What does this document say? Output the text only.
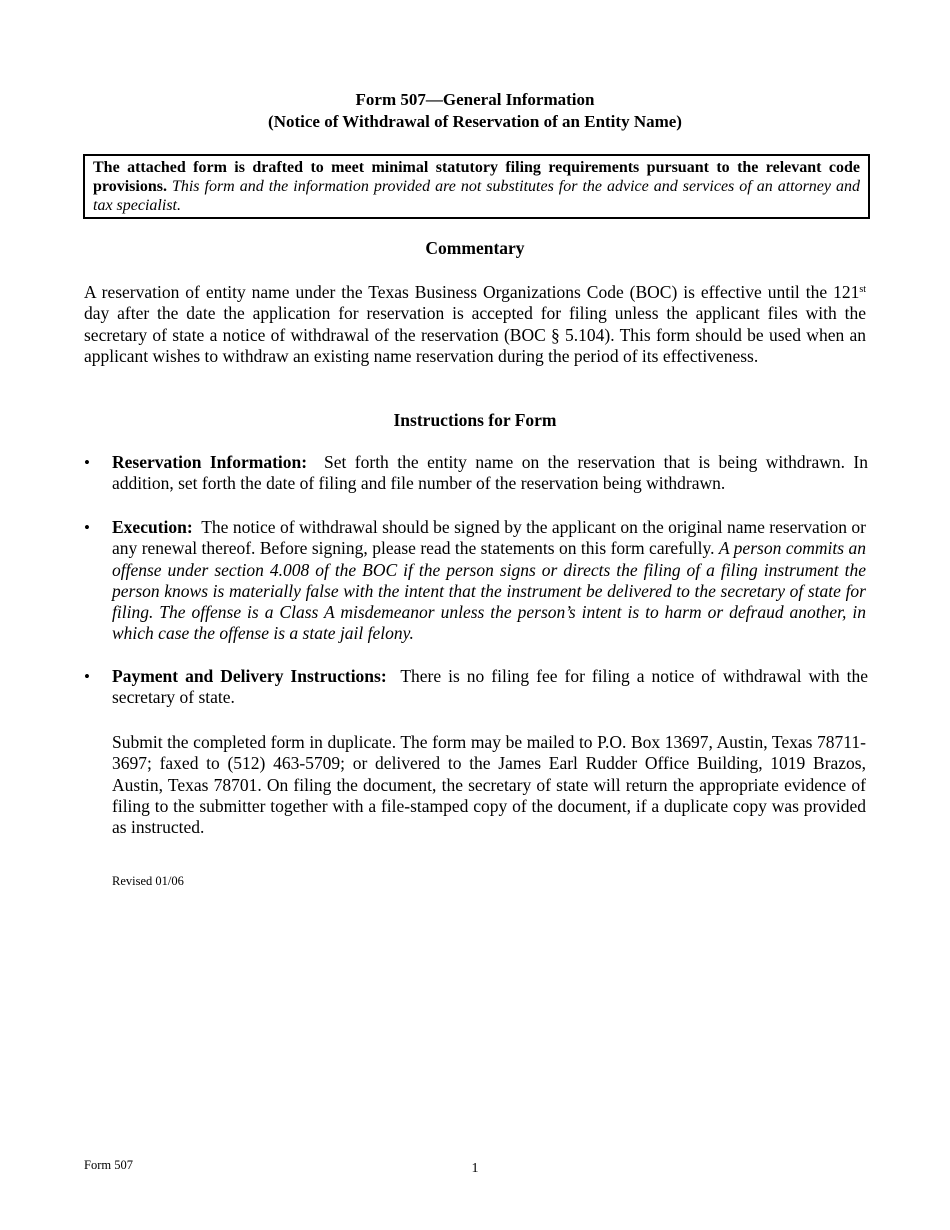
Form 507—General Information
(Notice of Withdrawal of Reservation of an Entity Name)
The attached form is drafted to meet minimal statutory filing requirements pursuant to the relevant code provisions. This form and the information provided are not substitutes for the advice and services of an attorney and tax specialist.
Commentary
A reservation of entity name under the Texas Business Organizations Code (BOC) is effective until the 121st day after the date the application for reservation is accepted for filing unless the applicant files with the secretary of state a notice of withdrawal of the reservation (BOC § 5.104). This form should be used when an applicant wishes to withdraw an existing name reservation during the period of its effectiveness.
Instructions for Form
• Reservation Information: Set forth the entity name on the reservation that is being withdrawn. In addition, set forth the date of filing and file number of the reservation being withdrawn.
• Execution: The notice of withdrawal should be signed by the applicant on the original name reservation or any renewal thereof. Before signing, please read the statements on this form carefully. A person commits an offense under section 4.008 of the BOC if the person signs or directs the filing of a filing instrument the person knows is materially false with the intent that the instrument be delivered to the secretary of state for filing. The offense is a Class A misdemeanor unless the person’s intent is to harm or defraud another, in which case the offense is a state jail felony.
• Payment and Delivery Instructions: There is no filing fee for filing a notice of withdrawal with the secretary of state.
Submit the completed form in duplicate. The form may be mailed to P.O. Box 13697, Austin, Texas 78711-3697; faxed to (512) 463-5709; or delivered to the James Earl Rudder Office Building, 1019 Brazos, Austin, Texas 78701. On filing the document, the secretary of state will return the appropriate evidence of filing to the submitter together with a file-stamped copy of the document, if a duplicate copy was provided as instructed.
Revised 01/06
Form 507	1
